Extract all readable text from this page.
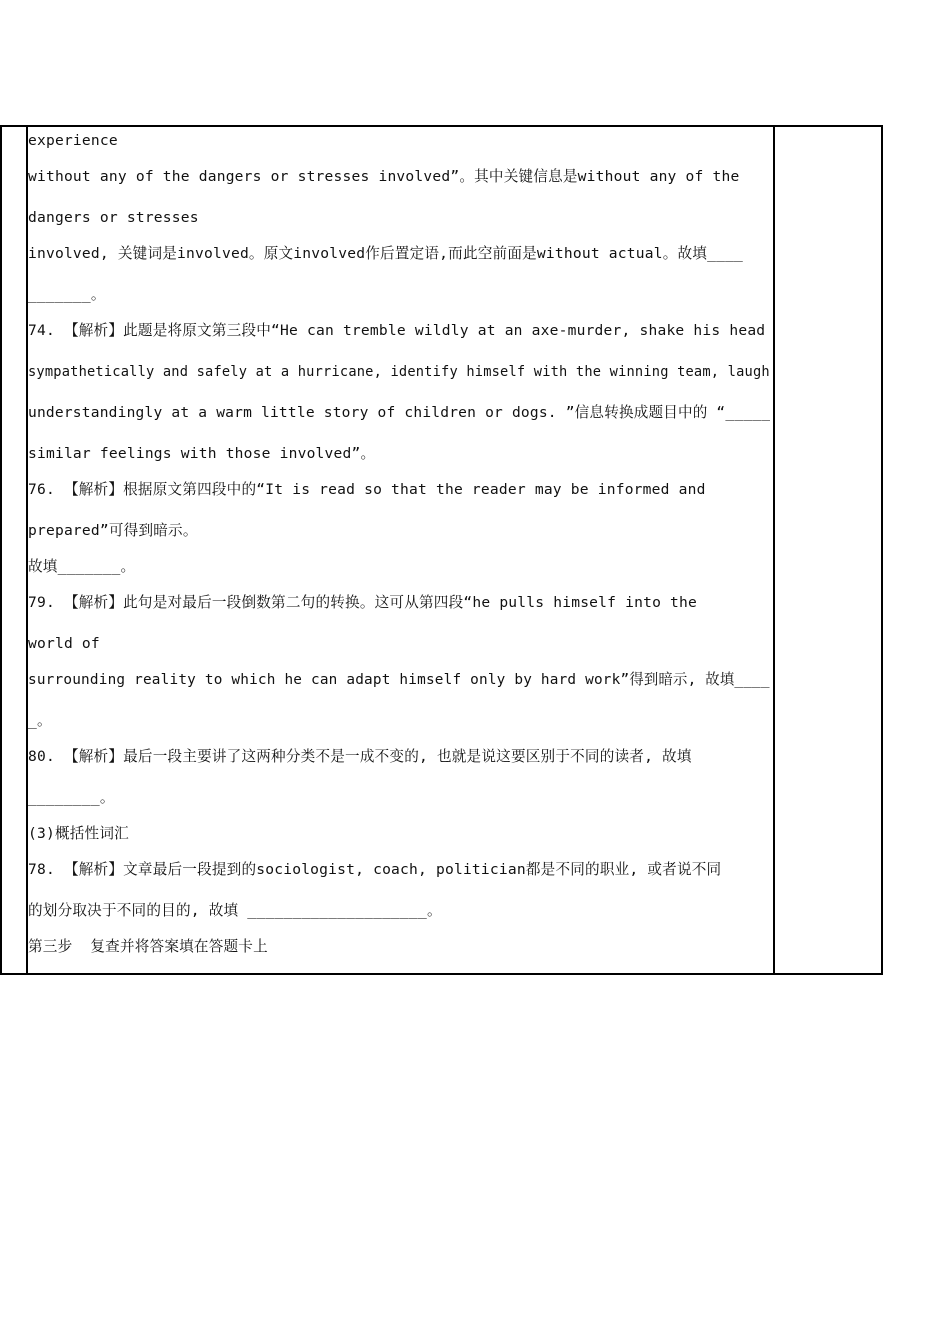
experience
without any of the dangers or stresses involved”。其中关键信息是without any of the
dangers or stresses
involved, 关键词是involved。原文involved作后置定语,而此空前面是without actual。故填____
_______。
74. 【解析】此题是将原文第三段中“He can tremble wildly at an axe-murder, shake his head
sympathetically and safely at a hurricane, identify himself with the winning team, laugh
understandingly at a warm little story of children or dogs. ”信息转换成题目中的 “_____
similar feelings with those involved”。
76. 【解析】根据原文第四段中的“It is read so that the reader may be informed and
prepared”可得到暗示。
故填_______。
79. 【解析】此句是对最后一段倒数第二句的转换。这可从第四段“he pulls himself into the
world of
surrounding reality to which he can adapt himself only by hard work”得到暗示, 故填____
_。
80. 【解析】最后一段主要讲了这两种分类不是一成不变的, 也就是说这要区别于不同的读者, 故填
________。
(3)概括性词汇
78. 【解析】文章最后一段提到的sociologist, coach, politician都是不同的职业, 或者说不同
的划分取决于不同的目的, 故填 ____________________。
第三步  复查并将答案填在答题卡上
